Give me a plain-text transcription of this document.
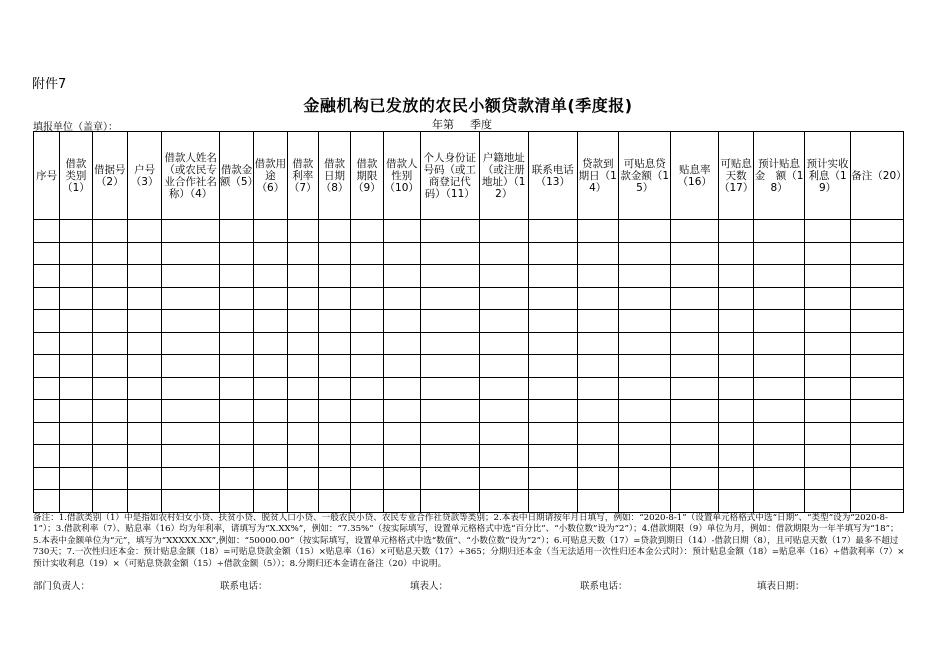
附件7
金融机构已发放的农民小额贷款清单(季度报)
填报单位（盖章）：	年第 季度
序号	借款类别（1）	借据号（2）	户号（3）	借款人姓名（或农民专业合作社名称）（4）	借款金额（5）	借款用途（6）	借款利率（7）	借款日期（8）	借款期限（9）	借款人性别（10）	个人身份证号码（或工商登记代码）（11）	户籍地址（或注册地址）（12）	联系电话（13）	贷款到期日（14）	可贴息贷款金额（15）	贴息率（16）	可贴息天数（17）	预计贴息金　额（18）	预计实收利息（19）	备注（20）

备注：1.借款类别（1）中是指如农村妇女小贷、扶贫小贷、脱贫人口小贷、一般农民小贷、农民专业合作社贷款等类别；2.本表中日期请按年月日填写，例如：“2020-8-1”（设置单元格格式中选“日期”、“类型”设为“2020-8-1”）；3.借款利率（7）、贴息率（16）均为年利率，请填写为“X.XX%”，例如：“7.35%”（按实际填写，设置单元格格式中选“百分比”、“小数位数”设为“2”）；4.借款期限（9）单位为月，例如：借款期限为一年半填写为“18”；5.本表中金额单位为“元”，填写为“XXXXX.XX”,例如：“50000.00”（按实际填写，设置单元格格式中选“数值”、“小数位数”设为“2”）；6.可贴息天数（17）=贷款到期日（14）-借款日期（8），且可贴息天数（17）最多不超过730天；7.一次性归还本金：预计贴息金额（18）=可贴息贷款金额（15）×贴息率（16）×可贴息天数（17）÷365；分期归还本金（当无法适用一次性归还本金公式时）：预计贴息金额（18）=贴息率（16）÷借款利率（7）×预计实收利息（19）×（可贴息贷款金额（15）÷借款金额（5））；8.分期归还本金请在备注（20）中说明。
部门负责人：	联系电话：	填表人：	联系电话：	填表日期：
